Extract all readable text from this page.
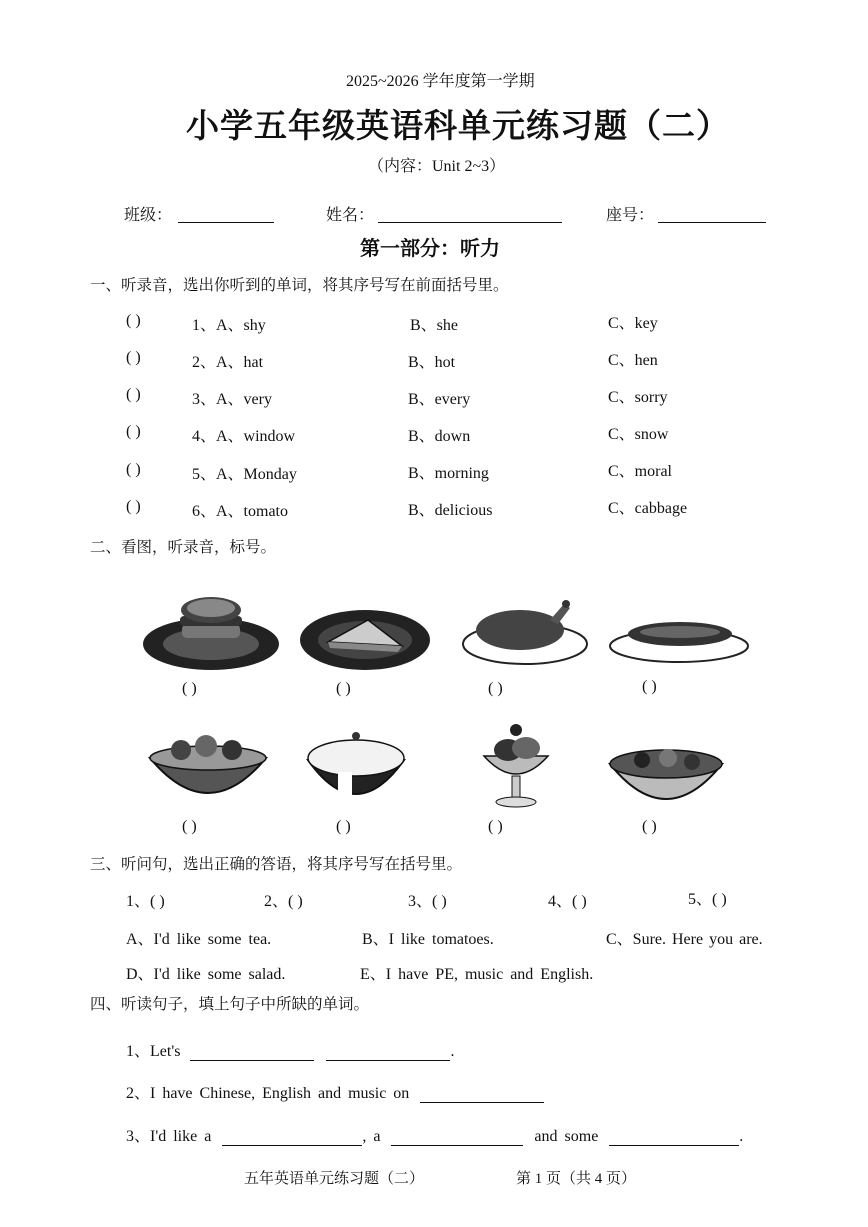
2025~2026 学年度第一学期
小学五年级英语科单元练习题（二）
（内容：Unit 2~3）
班级：	姓名：	座号：
第一部分：听力
一、听录音，选出你听到的单词，将其序号写在前面括号里。
( )	1、A、shy	B、she	C、key
( )	2、A、hat	B、hot	C、hen
( )	3、A、very	B、every	C、sorry
( )	4、A、window	B、down	C、snow
( )	5、A、Monday	B、morning	C、moral
( )	6、A、tomato	B、delicious	C、cabbage
二、看图，听录音，标号。
( )	( )	( )	( )
( )	( )	( )	( )
三、听问句，选出正确的答语，将其序号写在括号里。
1、( )	2、( )	3、( )	4、( )	5、( )
A、I'd like some tea.	B、I like tomatoes.	C、Sure. Here you are.
D、I'd like some salad.	E、I have PE, music and English.
四、听读句子，填上句子中所缺的单词。
1、Let's	.
2、I have Chinese, English and music on
3、I'd like a	, a	and some	.
五年英语单元练习题（二）	第 1 页（共 4 页）
